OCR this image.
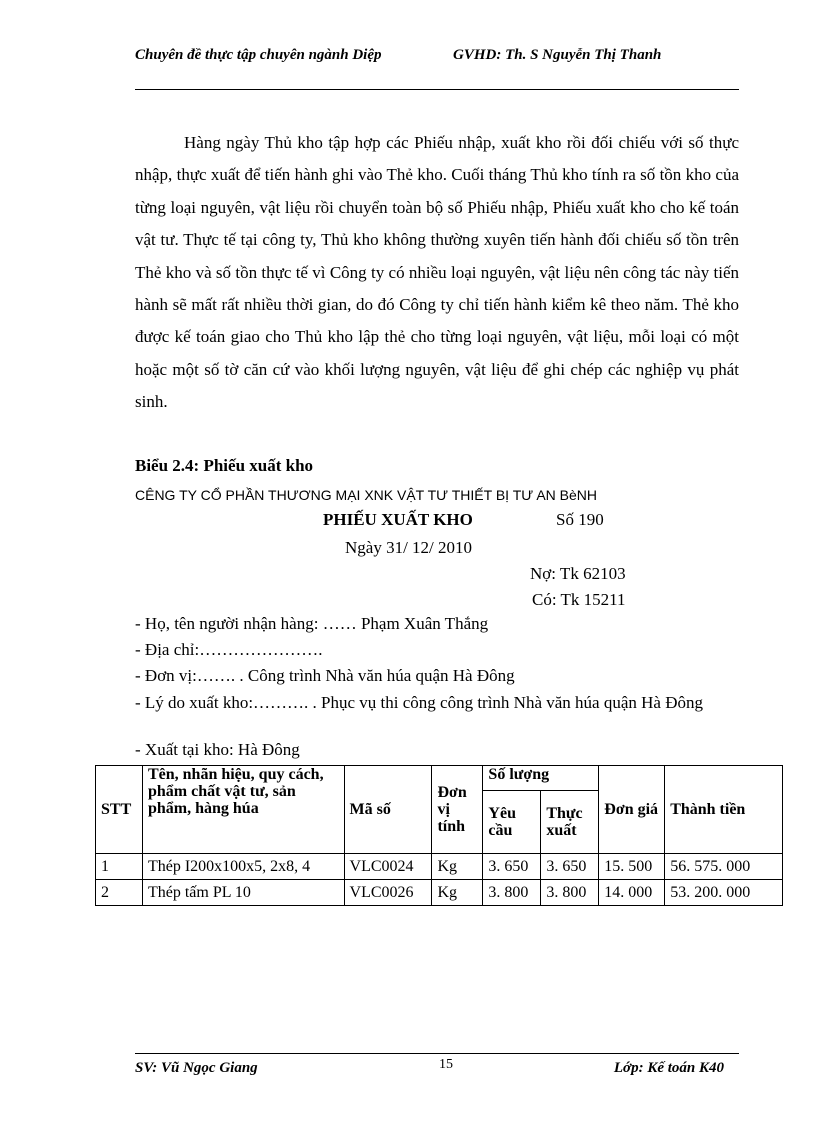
Chuyên đề thực tập chuyên ngành Diệp	GVHD: Th. S Nguyễn Thị Thanh

Hàng ngày Thủ kho tập hợp các Phiếu nhập, xuất kho rồi đối chiếu với số thực nhập, thực xuất để tiến hành ghi vào Thẻ kho. Cuối tháng Thủ kho tính ra số tồn kho của từng loại nguyên, vật liệu rồi chuyển toàn bộ số Phiếu nhập, Phiếu xuất kho cho kế toán vật tư. Thực tế tại công ty, Thủ kho không thường xuyên tiến hành đối chiếu số tồn trên Thẻ kho và số tồn thực tế vì Công ty có nhiều loại nguyên, vật liệu nên công tác này tiến hành sẽ mất rất nhiều thời gian, do đó Công ty chỉ tiến hành kiểm kê theo năm. Thẻ kho được kế toán giao cho Thủ kho lập thẻ cho từng loại nguyên, vật liệu, mỗi loại có một hoặc một số tờ căn cứ vào khối lượng nguyên, vật liệu để ghi chép các nghiệp vụ phát sinh.

Biểu 2.4: Phiếu xuất kho
CÊNG TY CỔ PHẦN THƯƠNG MẠI XNK VẬT TƯ THIẾT BỊ TƯ AN BèNH
PHIẾU XUẤT KHO	Số 190
Ngày 31/ 12/ 2010
Nợ: Tk 62103
Có: Tk 15211
- Họ, tên người nhận hàng: …… Phạm Xuân Thắng
- Địa chỉ:………………….
- Đơn vị:……. . Công trình Nhà văn húa quận Hà Đông
- Lý do xuất kho:………. . Phục vụ thi công công trình Nhà văn húa quận Hà Đông
- Xuất tại kho: Hà Đông
STT	Tên, nhãn hiệu, quy cách, phẩm chất vật tư, sản phẩm, hàng húa	Mã số	Đơn vị tính	Số lượng		Đơn giá	Thành tiền
				Yêu cầu	Thực xuất		
1	Thép I200x100x5, 2x8, 4	VLC0024	Kg	3. 650	3. 650	15. 500	56. 575. 000
2	Thép tấm PL 10	VLC0026	Kg	3. 800	3. 800	14. 000	53. 200. 000
SV: Vũ Ngọc Giang	15	Lớp: Kế toán K40
